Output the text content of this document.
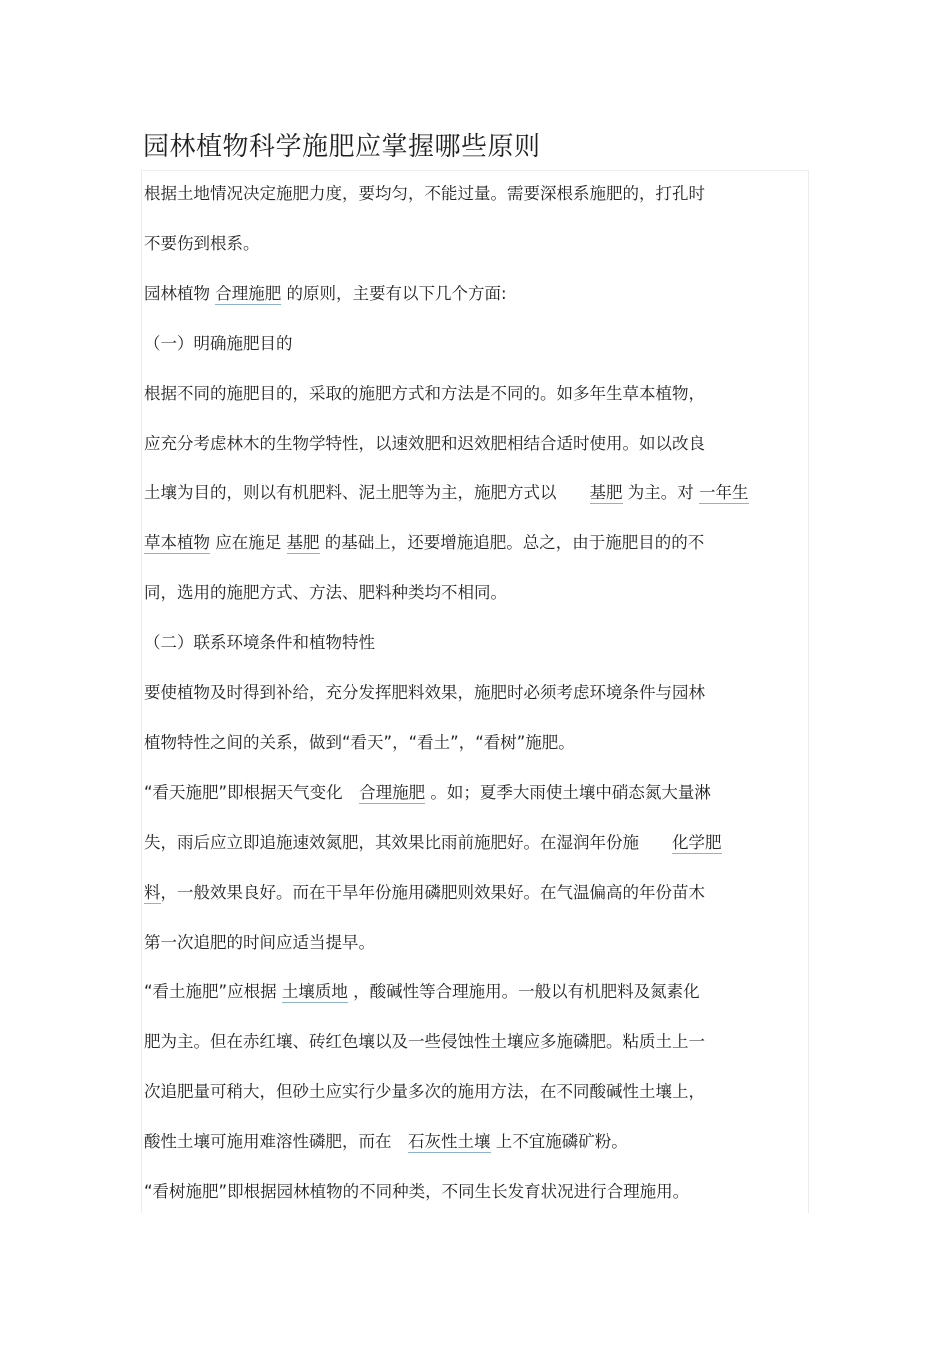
园林植物科学施肥应掌握哪些原则
根据土地情况决定施肥力度，要均匀，不能过量。需要深根系施肥的，打孔时
不要伤到根系。
园林植物 合理施肥 的原则，主要有以下几个方面:
（一）明确施肥目的
根据不同的施肥目的，采取的施肥方式和方法是不同的。如多年生草本植物，
应充分考虑林木的生物学特性，以速效肥和迟效肥相结合适时使用。如以改良
土壤为目的，则以有机肥料、泥土肥等为主，施肥方式以　　基肥 为主。对 一年生
草本植物 应在施足 基肥 的基础上，还要增施追肥。总之，由于施肥目的的不
同，选用的施肥方式、方法、肥料种类均不相同。
（二）联系环境条件和植物特性
要使植物及时得到补给，充分发挥肥料效果，施肥时必须考虑环境条件与园林
植物特性之间的关系，做到“看天”，“看土”，“看树”施肥。
“看天施肥”即根据天气变化　合理施肥 。如；夏季大雨使土壤中硝态氮大量淋
失，雨后应立即追施速效氮肥，其效果比雨前施肥好。在湿润年份施　　化学肥
料，一般效果良好。而在干旱年份施用磷肥则效果好。在气温偏高的年份苗木
第一次追肥的时间应适当提早。
“看土施肥”应根据 土壤质地 ，酸碱性等合理施用。一般以有机肥料及氮素化
肥为主。但在赤红壤、砖红色壤以及一些侵蚀性土壤应多施磷肥。粘质土上一
次追肥量可稍大，但砂土应实行少量多次的施用方法，在不同酸碱性土壤上，
酸性土壤可施用难溶性磷肥，而在　石灰性土壤 上不宜施磷矿粉。
“看树施肥”即根据园林植物的不同种类，不同生长发育状况进行合理施用。
